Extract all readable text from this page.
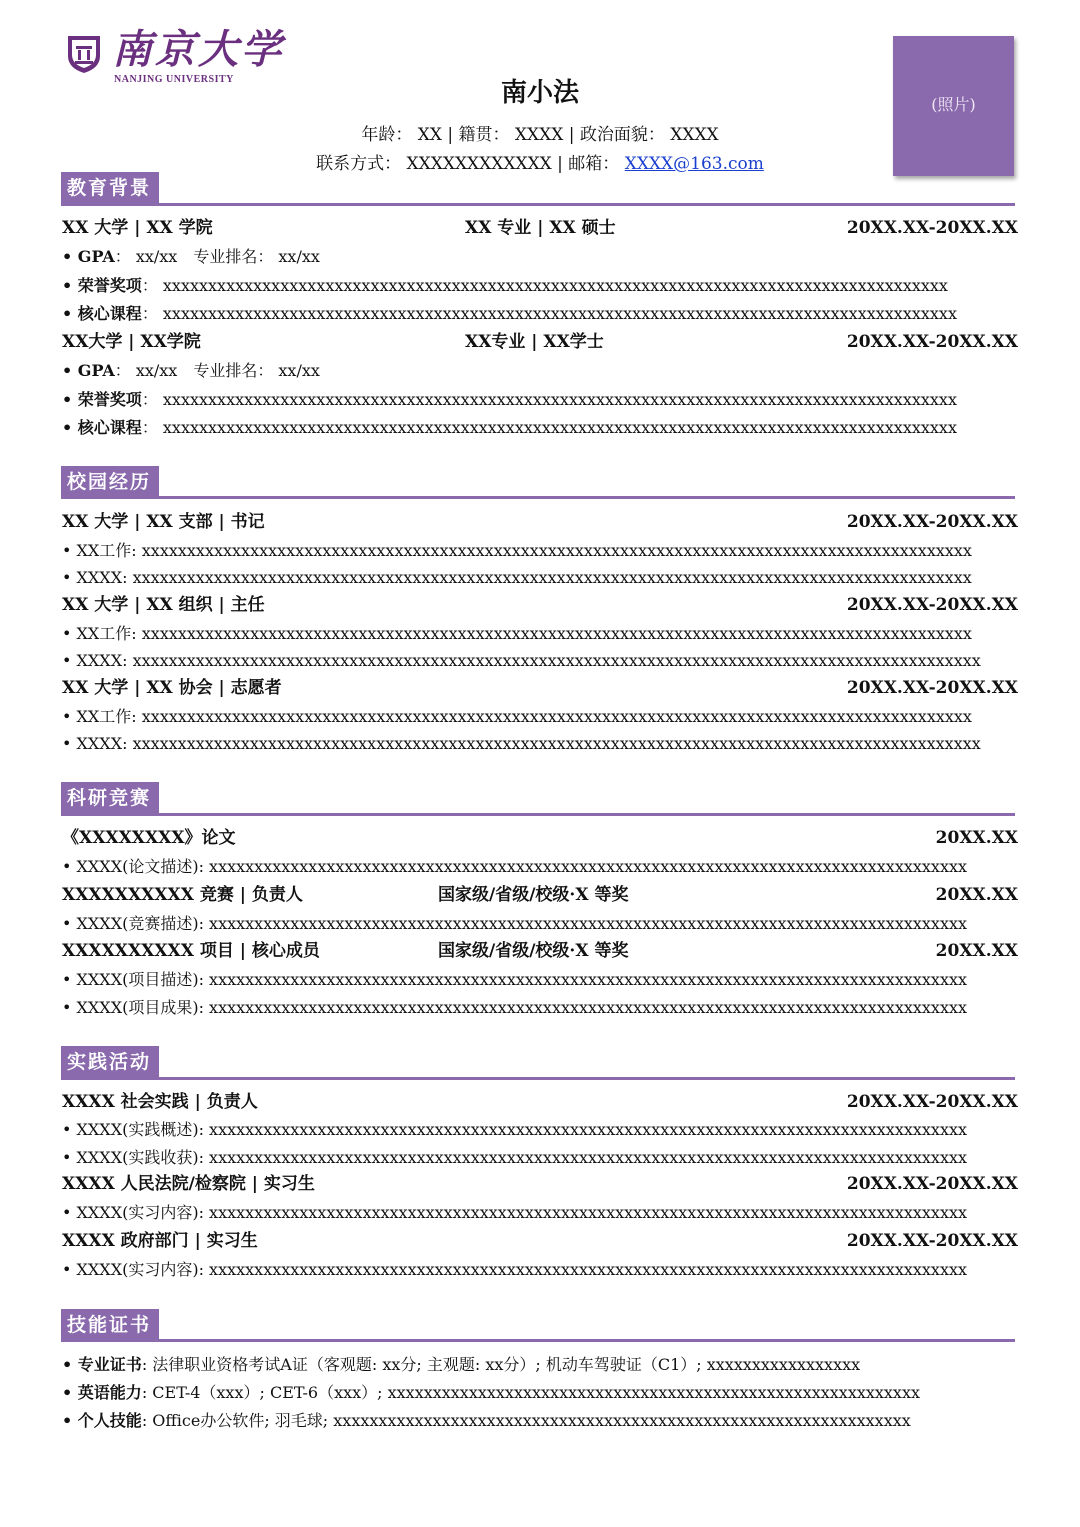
南京大学
NANJING UNIVERSITY	南小法
年龄： XX | 籍贯： XXXX | 政治面貌： XXXX
联系方式： XXXXXXXXXXXX | 邮箱： XXXX@163.com
(照片)
教育背景
XX 大学 | XX 学院	XX 专业 | XX 硕士	20XX.XX-20XX.XX
• GPA： xx/xx　专业排名： xx/xx
• 荣誉奖项： xxxxxxxxxxxxxxxxxxxxxxxxxxxxxxxxxxxxxxxxxxxxxxxxxxxxxxxxxxxxxxxxxxxxxxxxxxxxxxxxxxxxxxx
• 核心课程： xxxxxxxxxxxxxxxxxxxxxxxxxxxxxxxxxxxxxxxxxxxxxxxxxxxxxxxxxxxxxxxxxxxxxxxxxxxxxxxxxxxxxxxx
XX大学 | XX学院	XX专业 | XX学士	20XX.XX-20XX.XX
• GPA： xx/xx　专业排名： xx/xx
• 荣誉奖项： xxxxxxxxxxxxxxxxxxxxxxxxxxxxxxxxxxxxxxxxxxxxxxxxxxxxxxxxxxxxxxxxxxxxxxxxxxxxxxxxxxxxxxxx
• 核心课程： xxxxxxxxxxxxxxxxxxxxxxxxxxxxxxxxxxxxxxxxxxxxxxxxxxxxxxxxxxxxxxxxxxxxxxxxxxxxxxxxxxxxxxxx
校园经历
XX 大学 | XX 支部 | 书记	20XX.XX-20XX.XX
• XX工作: xxxxxxxxxxxxxxxxxxxxxxxxxxxxxxxxxxxxxxxxxxxxxxxxxxxxxxxxxxxxxxxxxxxxxxxxxxxxxxxxxxxxxxxxxxxx
• XXXX: xxxxxxxxxxxxxxxxxxxxxxxxxxxxxxxxxxxxxxxxxxxxxxxxxxxxxxxxxxxxxxxxxxxxxxxxxxxxxxxxxxxxxxxxxxxxx
XX 大学 | XX 组织 | 主任	20XX.XX-20XX.XX
• XX工作: xxxxxxxxxxxxxxxxxxxxxxxxxxxxxxxxxxxxxxxxxxxxxxxxxxxxxxxxxxxxxxxxxxxxxxxxxxxxxxxxxxxxxxxxxxxx
• XXXX: xxxxxxxxxxxxxxxxxxxxxxxxxxxxxxxxxxxxxxxxxxxxxxxxxxxxxxxxxxxxxxxxxxxxxxxxxxxxxxxxxxxxxxxxxxxxxx
XX 大学 | XX 协会 | 志愿者	20XX.XX-20XX.XX
• XX工作: xxxxxxxxxxxxxxxxxxxxxxxxxxxxxxxxxxxxxxxxxxxxxxxxxxxxxxxxxxxxxxxxxxxxxxxxxxxxxxxxxxxxxxxxxxxx
• XXXX: xxxxxxxxxxxxxxxxxxxxxxxxxxxxxxxxxxxxxxxxxxxxxxxxxxxxxxxxxxxxxxxxxxxxxxxxxxxxxxxxxxxxxxxxxxxxxx
科研竞赛
《XXXXXXXX》论文	20XX.XX
• XXXX(论文描述): xxxxxxxxxxxxxxxxxxxxxxxxxxxxxxxxxxxxxxxxxxxxxxxxxxxxxxxxxxxxxxxxxxxxxxxxxxxxxxxxxxxx
XXXXXXXXXX 竞赛 | 负责人	国家级/省级/校级·X 等奖	20XX.XX
• XXXX(竞赛描述): xxxxxxxxxxxxxxxxxxxxxxxxxxxxxxxxxxxxxxxxxxxxxxxxxxxxxxxxxxxxxxxxxxxxxxxxxxxxxxxxxxxx
XXXXXXXXXX 项目 | 核心成员	国家级/省级/校级·X 等奖	20XX.XX
• XXXX(项目描述): xxxxxxxxxxxxxxxxxxxxxxxxxxxxxxxxxxxxxxxxxxxxxxxxxxxxxxxxxxxxxxxxxxxxxxxxxxxxxxxxxxxx
• XXXX(项目成果): xxxxxxxxxxxxxxxxxxxxxxxxxxxxxxxxxxxxxxxxxxxxxxxxxxxxxxxxxxxxxxxxxxxxxxxxxxxxxxxxxxxx
实践活动
XXXX 社会实践 | 负责人	20XX.XX-20XX.XX
• XXXX(实践概述): xxxxxxxxxxxxxxxxxxxxxxxxxxxxxxxxxxxxxxxxxxxxxxxxxxxxxxxxxxxxxxxxxxxxxxxxxxxxxxxxxxxx
• XXXX(实践收获): xxxxxxxxxxxxxxxxxxxxxxxxxxxxxxxxxxxxxxxxxxxxxxxxxxxxxxxxxxxxxxxxxxxxxxxxxxxxxxxxxxxx
XXXX 人民法院/检察院 | 实习生	20XX.XX-20XX.XX
• XXXX(实习内容): xxxxxxxxxxxxxxxxxxxxxxxxxxxxxxxxxxxxxxxxxxxxxxxxxxxxxxxxxxxxxxxxxxxxxxxxxxxxxxxxxxxx
XXXX 政府部门 | 实习生	20XX.XX-20XX.XX
• XXXX(实习内容): xxxxxxxxxxxxxxxxxxxxxxxxxxxxxxxxxxxxxxxxxxxxxxxxxxxxxxxxxxxxxxxxxxxxxxxxxxxxxxxxxxxx
技能证书
• 专业证书: 法律职业资格考试A证（客观题: xx分; 主观题: xx分）; 机动车驾驶证（C1）; xxxxxxxxxxxxxxxxx
• 英语能力: CET-4（xxx）; CET-6（xxx）; xxxxxxxxxxxxxxxxxxxxxxxxxxxxxxxxxxxxxxxxxxxxxxxxxxxxxxxxxxx
• 个人技能: Office办公软件; 羽毛球; xxxxxxxxxxxxxxxxxxxxxxxxxxxxxxxxxxxxxxxxxxxxxxxxxxxxxxxxxxxxxxxx
